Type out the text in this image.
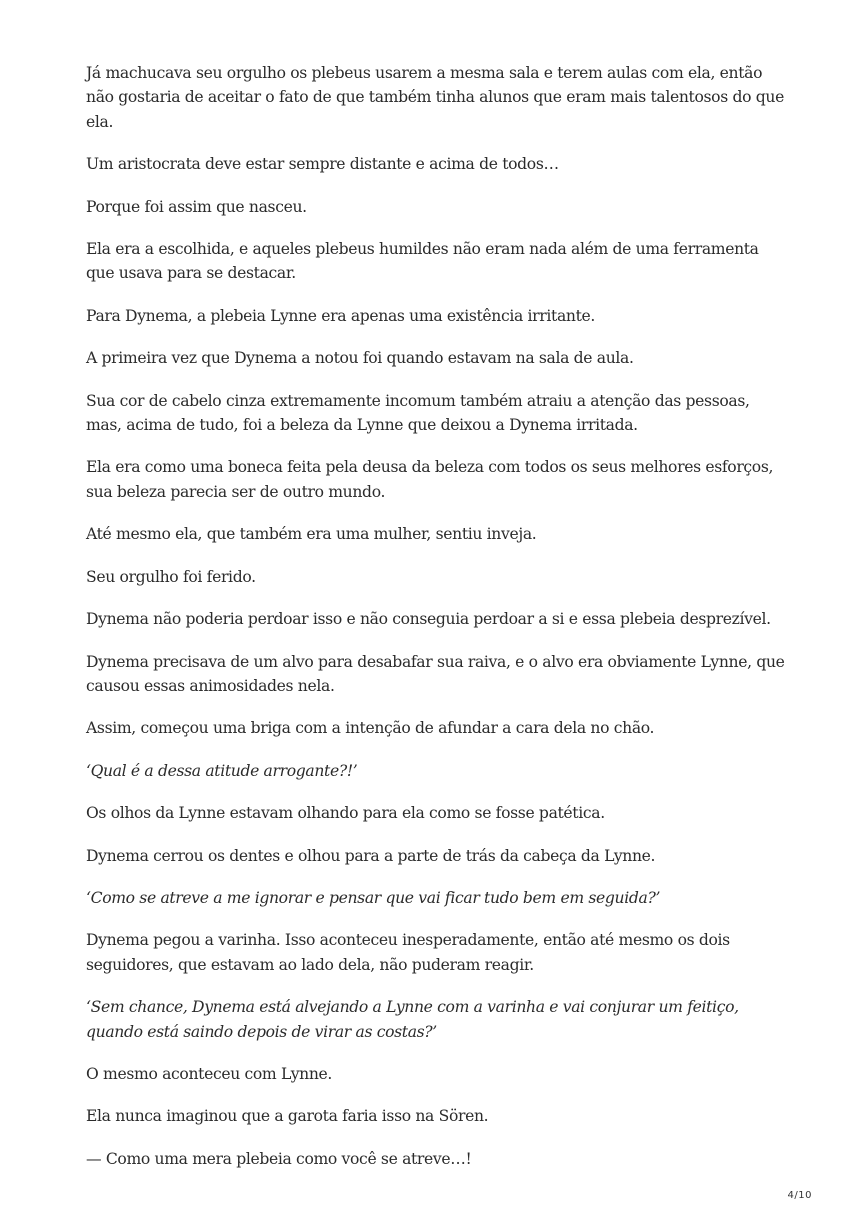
Já machucava seu orgulho os plebeus usarem a mesma sala e terem aulas com ela, então não gostaria de aceitar o fato de que também tinha alunos que eram mais talentosos do que ela.

Um aristocrata deve estar sempre distante e acima de todos…

Porque foi assim que nasceu.

Ela era a escolhida, e aqueles plebeus humildes não eram nada além de uma ferramenta que usava para se destacar.

Para Dynema, a plebeia Lynne era apenas uma existência irritante.

A primeira vez que Dynema a notou foi quando estavam na sala de aula.

Sua cor de cabelo cinza extremamente incomum também atraiu a atenção das pessoas, mas, acima de tudo, foi a beleza da Lynne que deixou a Dynema irritada.

Ela era como uma boneca feita pela deusa da beleza com todos os seus melhores esforços, sua beleza parecia ser de outro mundo.

Até mesmo ela, que também era uma mulher, sentiu inveja.

Seu orgulho foi ferido.

Dynema não poderia perdoar isso e não conseguia perdoar a si e essa plebeia desprezível.

Dynema precisava de um alvo para desabafar sua raiva, e o alvo era obviamente Lynne, que causou essas animosidades nela.

Assim, começou uma briga com a intenção de afundar a cara dela no chão.

‘Qual é a dessa atitude arrogante?!’

Os olhos da Lynne estavam olhando para ela como se fosse patética.

Dynema cerrou os dentes e olhou para a parte de trás da cabeça da Lynne.

‘Como se atreve a me ignorar e pensar que vai ficar tudo bem em seguida?’

Dynema pegou a varinha. Isso aconteceu inesperadamente, então até mesmo os dois seguidores, que estavam ao lado dela, não puderam reagir.

‘Sem chance, Dynema está alvejando a Lynne com a varinha e vai conjurar um feitiço, quando está saindo depois de virar as costas?’

O mesmo aconteceu com Lynne.

Ela nunca imaginou que a garota faria isso na Sören.

— Como uma mera plebeia como você se atreve…!

4/10
